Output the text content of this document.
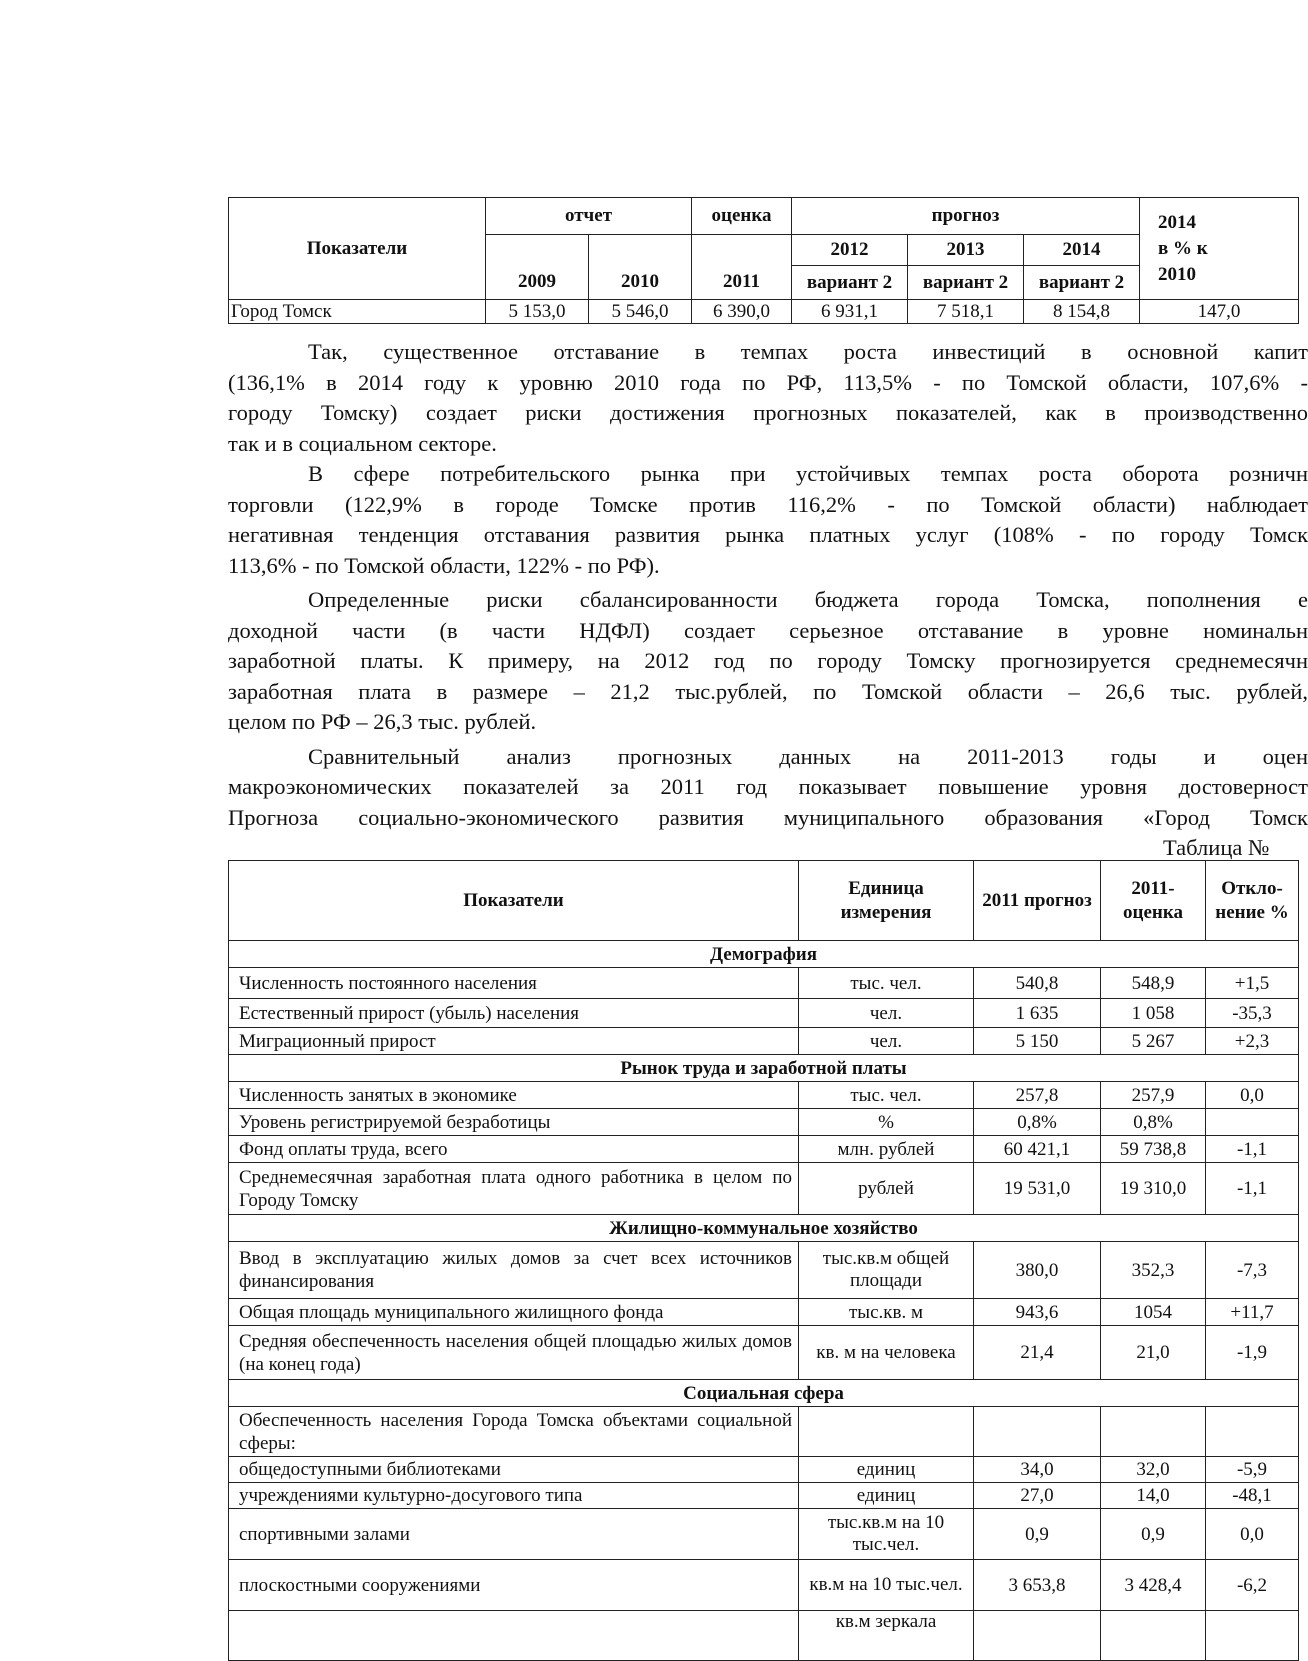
Показатели	отчет		оценка	прогноз			2014
в % к
2010

	2009	2010	2011	2012	2013	2014	
				вариант 2	вариант 2	вариант 2	
Город Томск	5 153,0	5 546,0	6 390,0	6 931,1	7 518,1	8 154,8	147,0

Так, существенное отставание в темпах роста инвестиций в основной капит

(136,1% в 2014 году к уровню 2010 года по РФ, 113,5% - по Томской области, 107,6% -

городу Томску) создает риски достижения прогнозных показателей, как в производственно

так и в социальном секторе.

В сфере потребительского рынка при устойчивых темпах роста оборота розничн

торговли (122,9% в городе Томске против 116,2% - по Томской области) наблюдает

негативная тенденция отставания развития рынка платных услуг (108% - по городу Томск

113,6% - по Томской области, 122% - по РФ).

Определенные риски сбалансированности бюджета города Томска, пополнения е

доходной части (в части НДФЛ) создает серьезное отставание в уровне номинальн

заработной платы. К примеру, на 2012 год по городу Томску прогнозируется среднемесячн

заработная плата в размере – 21,2 тыс.рублей, по Томской области – 26,6 тыс. рублей,

целом по РФ – 26,3 тыс. рублей.

Сравнительный анализ прогнозных данных на 2011-2013 годы и оцен

макроэкономических показателей за 2011 год показывает повышение уровня достоверност

Прогноза социально-экономического развития муниципального образования «Город Томск

Таблица №
Показатели	Единица измерения	2011 прогноз	2011- оценка	Откло- нение %
Демография				
Численность постоянного населения	тыс. чел.	540,8	548,9	+1,5
Естественный прирост (убыль) населения	чел.	1 635	1 058	-35,3
Миграционный прирост	чел.	5 150	5 267	+2,3
Рынок труда и заработной платы				
Численность занятых в экономике	тыс. чел.	257,8	257,9	0,0
Уровень регистрируемой безработицы	%	0,8%	0,8%	
Фонд оплаты труда, всего	млн. рублей	60 421,1	59 738,8	-1,1
Среднемесячная заработная плата одного работника в целом по Городу Томску	рублей	19 531,0	19 310,0	-1,1
Жилищно-коммунальное хозяйство				
Ввод в эксплуатацию жилых домов за счет всех источников финансирования	тыс.кв.м общей площади	380,0	352,3	-7,3
Общая площадь муниципального жилищного фонда	тыс.кв. м	943,6	1054	+11,7
Средняя обеспеченность населения общей площадью жилых домов (на конец года)	кв. м на человека	21,4	21,0	-1,9
Социальная сфера				
Обеспеченность населения Города Томска объектами социальной сферы:				
общедоступными библиотеками	единиц	34,0	32,0	-5,9
учреждениями культурно-досугового типа	единиц	27,0	14,0	-48,1
спортивными залами	тыс.кв.м на 10 тыс.чел.	0,9	0,9	0,0
плоскостными сооружениями	кв.м на 10 тыс.чел.	3 653,8	3 428,4	-6,2
	кв.м зеркала			
